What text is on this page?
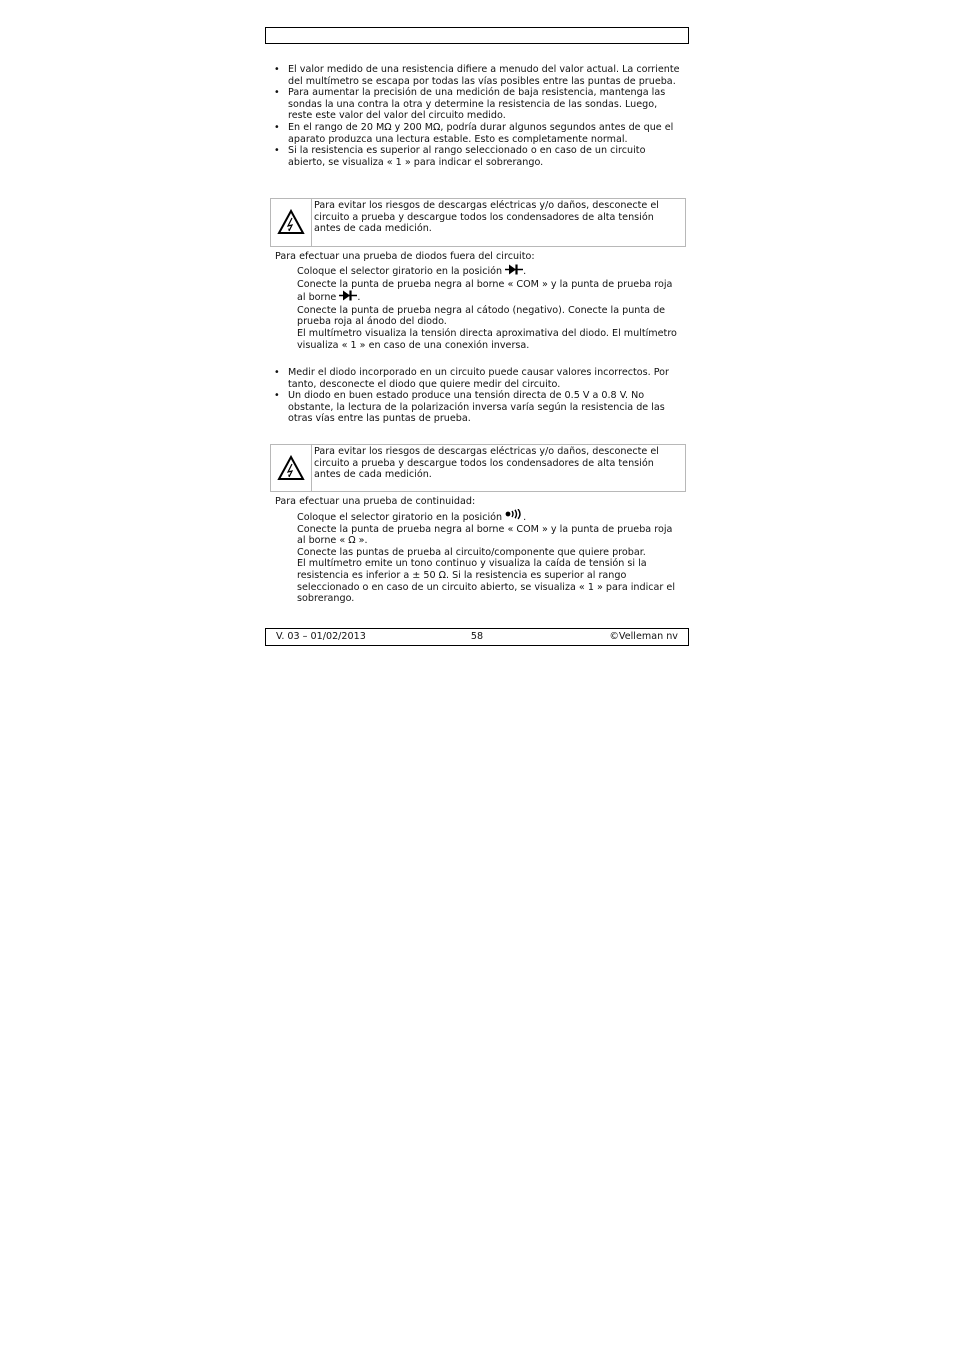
• El valor medido de una resistencia difiere a menudo del valor actual. La corriente del multímetro se escapa por todas las vías posibles entre las puntas de prueba.
• Para aumentar la precisión de una medición de baja resistencia, mantenga las sondas la una contra la otra y determine la resistencia de las sondas. Luego, reste este valor del valor del circuito medido.
• En el rango de 20 MΩ y 200 MΩ, podría durar algunos segundos antes de que el aparato produzca una lectura estable. Esto es completamente normal.
• Si la resistencia es superior al rango seleccionado o en caso de un circuito abierto, se visualiza « 1 » para indicar el sobrerango.
Para evitar los riesgos de descargas eléctricas y/o daños, desconecte el circuito a prueba y descargue todos los condensadores de alta tensión antes de cada medición.
Para efectuar una prueba de diodos fuera del circuito:

Coloque el selector giratorio en la posición .

Conecte la punta de prueba negra al borne « COM » y la punta de prueba roja al borne .

Conecte la punta de prueba negra al cátodo (negativo). Conecte la punta de prueba roja al ánodo del diodo.

El multímetro visualiza la tensión directa aproximativa del diodo. El multímetro visualiza « 1 » en caso de una conexión inversa.

• Medir el diodo incorporado en un circuito puede causar valores incorrectos. Por tanto, desconecte el diodo que quiere medir del circuito.
• Un diodo en buen estado produce una tensión directa de 0.5 V a 0.8 V. No obstante, la lectura de la polarización inversa varía según la resistencia de las otras vías entre las puntas de prueba.
Para evitar los riesgos de descargas eléctricas y/o daños, desconecte el circuito a prueba y descargue todos los condensadores de alta tensión antes de cada medición.
Para efectuar una prueba de continuidad:

Coloque el selector giratorio en la posición .

Conecte la punta de prueba negra al borne « COM » y la punta de prueba roja al borne « Ω ».

Conecte las puntas de prueba al circuito/componente que quiere probar.

El multímetro emite un tono continuo y visualiza la caída de tensión si la resistencia es inferior a ± 50 Ω. Si la resistencia es superior al rango seleccionado o en caso de un circuito abierto, se visualiza « 1 » para indicar el sobrerango.

V. 03 – 01/02/2013	58	©Velleman nv
